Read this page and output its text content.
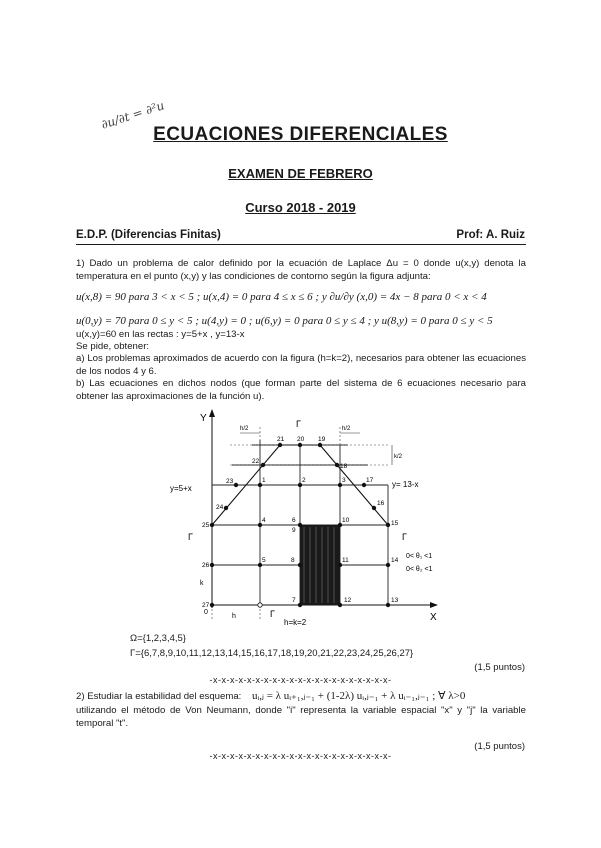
∂u/∂t = ∂²u
ECUACIONES DIFERENCIALES
EXAMEN DE FEBRERO
Curso 2018 - 2019
E.D.P. (Diferencias Finitas)	Prof: A. Ruiz
1) Dado un problema de calor definido por la ecuación de Laplace Δu = 0 donde u(x,y) denota la temperatura en el punto (x,y) y las condiciones de contorno según la figura adjunta:
u(x,8) = 90 para 3 < x < 5 ; u(x,4) = 0 para 4 ≤ x ≤ 6 ; y ∂u/∂y (x,0) = 4x − 8 para 0 < x < 4
u(0,y) = 70 para 0 ≤ y < 5 ; u(4,y) = 0 ; u(6,y) = 0 para 0 ≤ y ≤ 4 ; y u(8,y) = 0 para 0 ≤ y < 5
u(x,y)=60 en las rectas : y=5+x , y=13-x
Se pide, obtener:
a) Los problemas aproximados de acuerdo con la figura (h=k=2), necesarios para obtener las ecuaciones de los nodos 4 y 6.
b) Las ecuaciones en dichos nodos (que forman parte del sistema de 6 ecuaciones necesario para obtener las aproximaciones de la función u).
Y
X
0
h/2	h/2
k/2
k
h
y=5+x	y= 13-x
Γ
Γ	Γ
Γ
0< θ₁ <1
0< θ₂ <1
h=k=2
1	2	3
4
5
6
7
8
9
10
11
12	13
14
15
16
17
18
19
20
21
22
23
24
25
26
27
Ω={1,2,3,4,5}
Γ={6,7,8,9,10,11,12,13,14,15,16,17,18,19,20,21,22,23,24,25,26,27}
(1,5 puntos)
-x-x-x-x-x-x-x-x-x-x-x-x-x-x-x-x-x-x-x-x-x-
2) Estudiar la estabilidad del esquema: uᵢ,ⱼ = λ uᵢ₊₁,ⱼ₋₁ + (1-2λ) uᵢ,ⱼ₋₁ + λ uᵢ₋₁,ⱼ₋₁ ; ∀ λ>0
utilizando el método de Von Neumann, donde "i" representa la variable espacial "x" y "j" la variable temporal "t".
(1,5 puntos)
-x-x-x-x-x-x-x-x-x-x-x-x-x-x-x-x-x-x-x-x-x-
